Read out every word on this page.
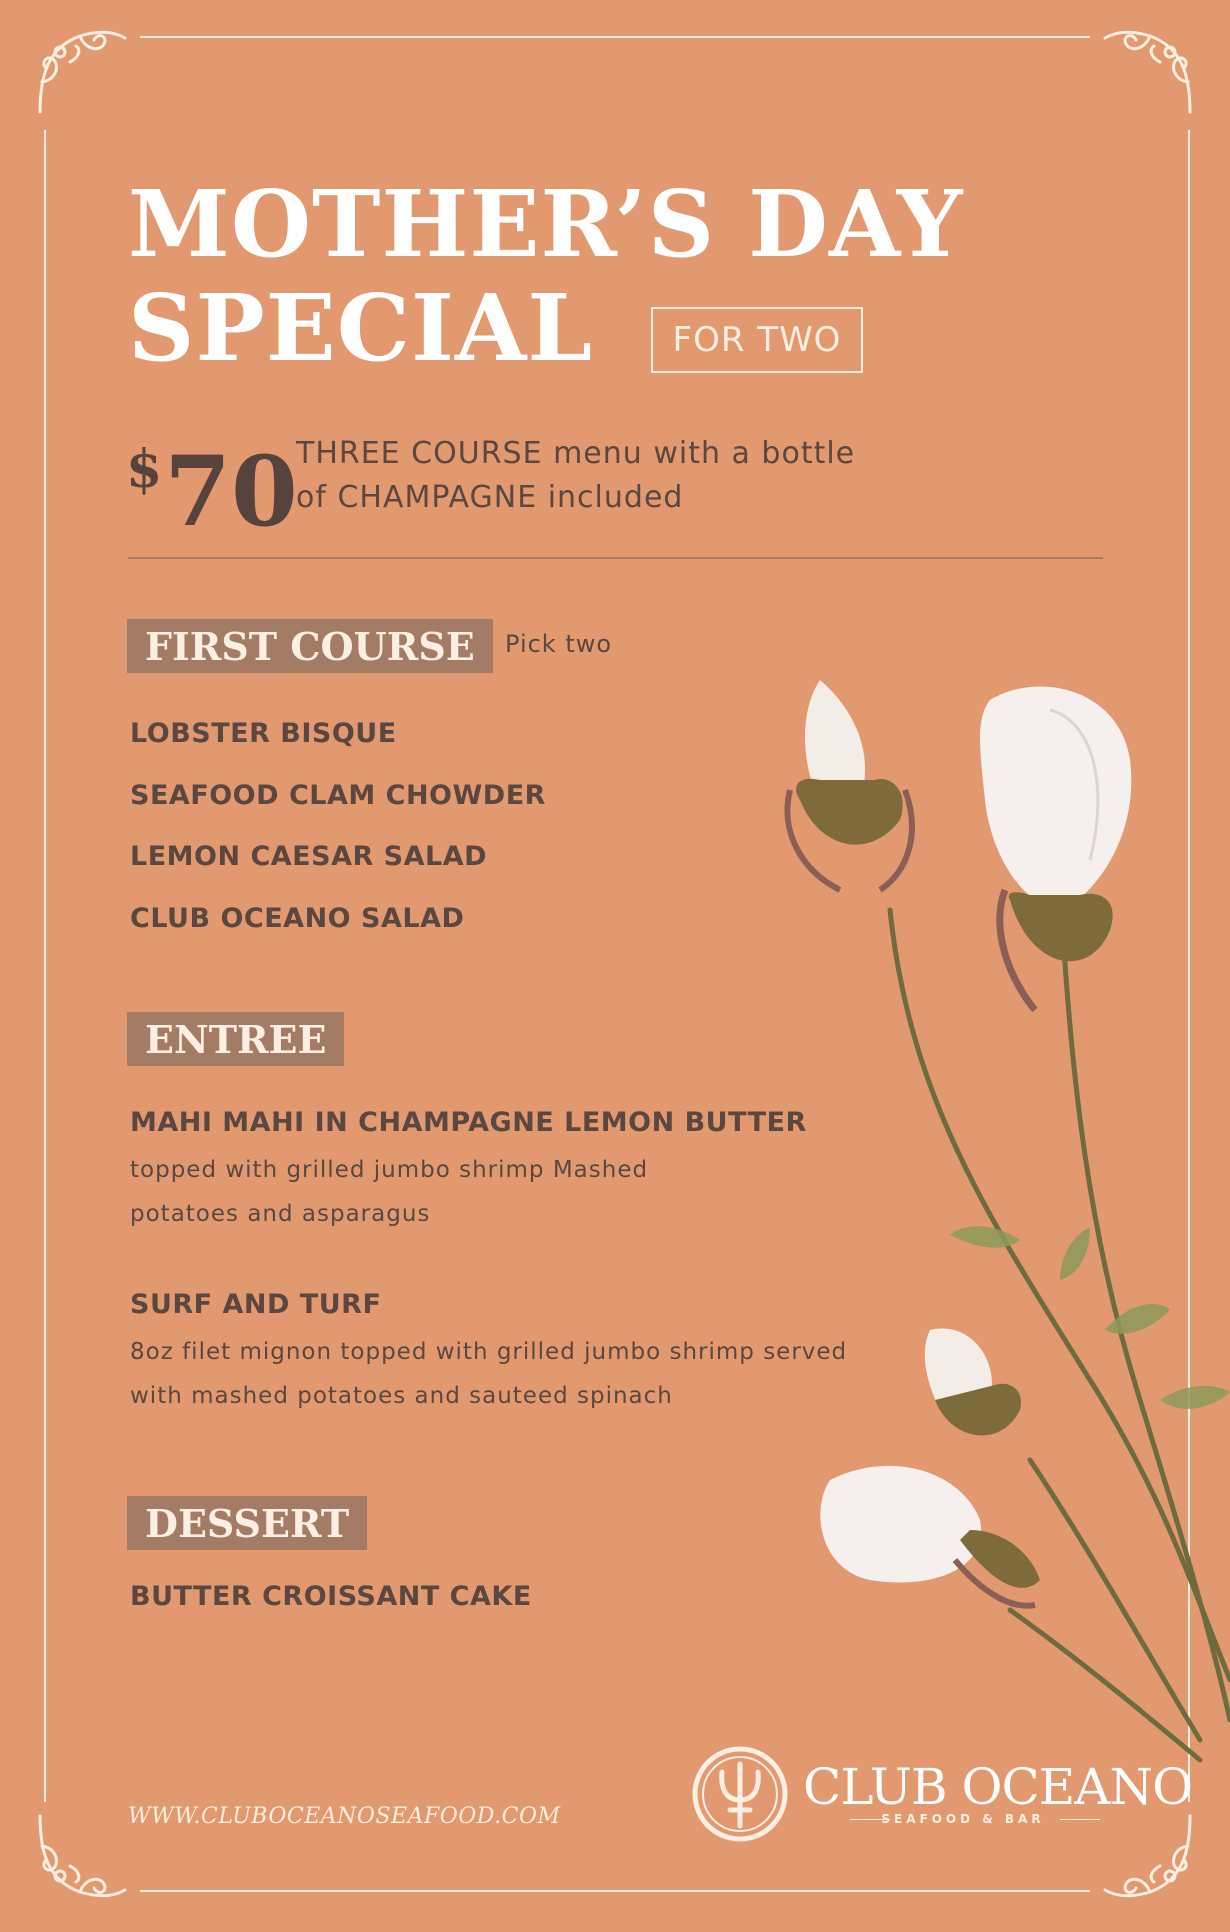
MOTHER’S DAY
SPECIAL	FOR TWO
$70
THREE COURSE menu with a bottle
of CHAMPAGNE included
FIRST COURSE	Pick two
LOBSTER BISQUE
SEAFOOD CLAM CHOWDER
LEMON CAESAR SALAD
CLUB OCEANO SALAD
ENTREE
MAHI MAHI IN CHAMPAGNE LEMON BUTTER
topped with grilled jumbo shrimp Mashed
potatoes and asparagus
SURF AND TURF
8oz filet mignon topped with grilled jumbo shrimp served
with mashed potatoes and sauteed spinach
DESSERT
BUTTER CROISSANT CAKE
WWW.CLUBOCEANOSEAFOOD.COM
CLUB OCEANO
SEAFOOD & BAR
